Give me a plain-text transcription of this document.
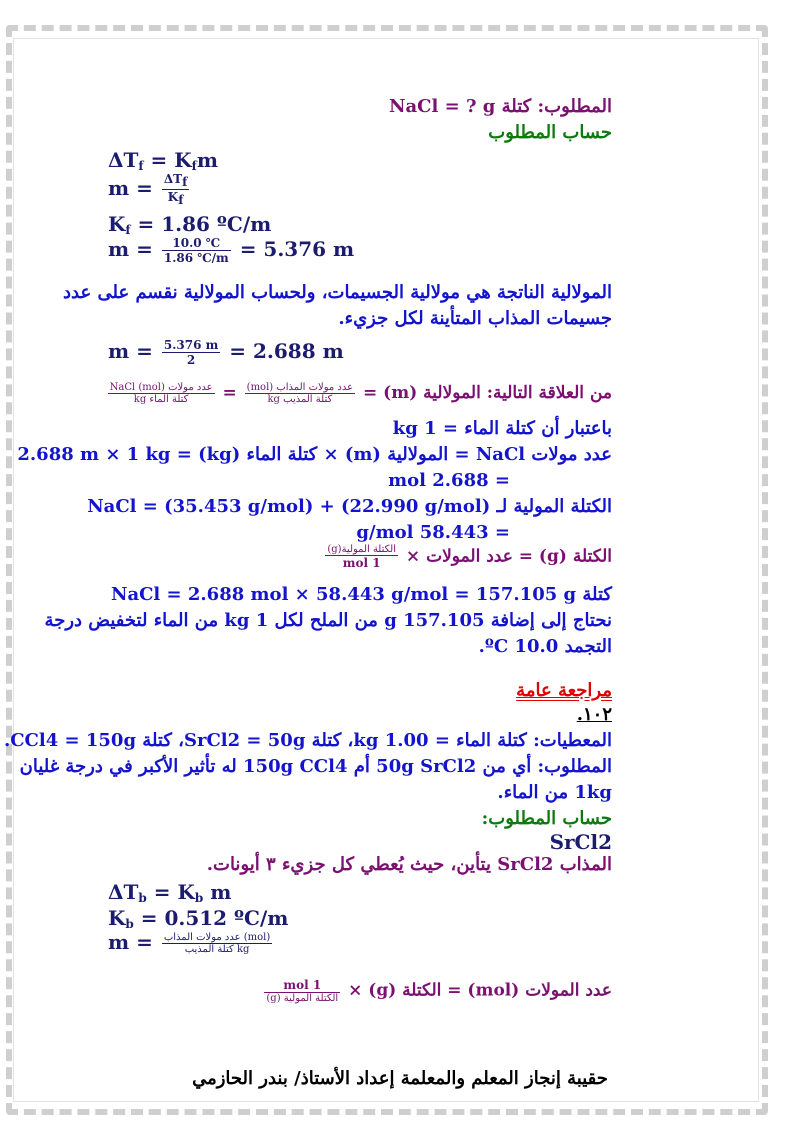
المطلوب: كتلة NaCl = ? g
حساب المطلوب
$\Delta T_f = K_fm$
$m = \frac{\text{ΔTf}}{Kf}$
$K_f = 1.86$ ºC/m
$m = \frac{10.0 ℃}{1.86 ℃/m} = 5.376$ m
المولالية الناتجة هي مولالية الجسيمات، ولحساب المولالية نقسم على عدد
جسيمات المذاب المتأينة لكل جزيء.
$m = \frac{5.376 m}{2} = 2.688$ m
من العلاقة التالية: المولالية (m) =
$\frac{\text{عدد مولات المذاب (mol)}}{\text{كتلة المذيب kg}}$
=
$\frac{\text{عدد مولات NaCl (mol)}}{\text{كتلة الماء kg}}$
باعتبار أن كتلة الماء = 1 kg
عدد مولات NaCl = المولالية (m) × كتلة الماء (kg) = 2.688 m × 1 kg
= 2.688 mol
الكتلة المولية لـ NaCl = (35.453 g/mol) + (22.990 g/mol)
= 58.443 g/mol
الكتلة (g) = عدد المولات ×
$\frac{\text{الكتلة المولية(g)}}{\text{1 mol}}$
كتلة NaCl = 2.688 mol × 58.443 g/mol = 157.105 g
نحتاج إلى إضافة 157.105 g من الملح لكل 1 kg من الماء لتخفيض درجة
التجمد 10.0 ºC.
مراجعة عامة
١٠٢.
المعطيات: كتلة الماء = 1.00 kg، كتلة SrCl2 = 50g، كتلة CCl4 = 150g.
المطلوب: أي من 50g SrCl2 أم 150g CCl4 له تأثير الأكبر في درجة غليان
1kg من الماء.
حساب المطلوب:
SrCl2
المذاب SrCl2 يتأين، حيث يُعطي كل جزيء ٣ أيونات.
$\Delta T_b = K_b$ m
$K_b = 0.512$ ºC/m
$m = \frac{\text{عدد مولات المذاب (mol)}}{\text{كتلة المذيب kg}}$
عدد المولات (mol) = الكتلة (g) ×
$\frac{\text{1 mol}}{\text{الكتلة المولية (g)}}$
حقيبة إنجاز المعلم والمعلمة إعداد الأستاذ/ بندر الحازمي
